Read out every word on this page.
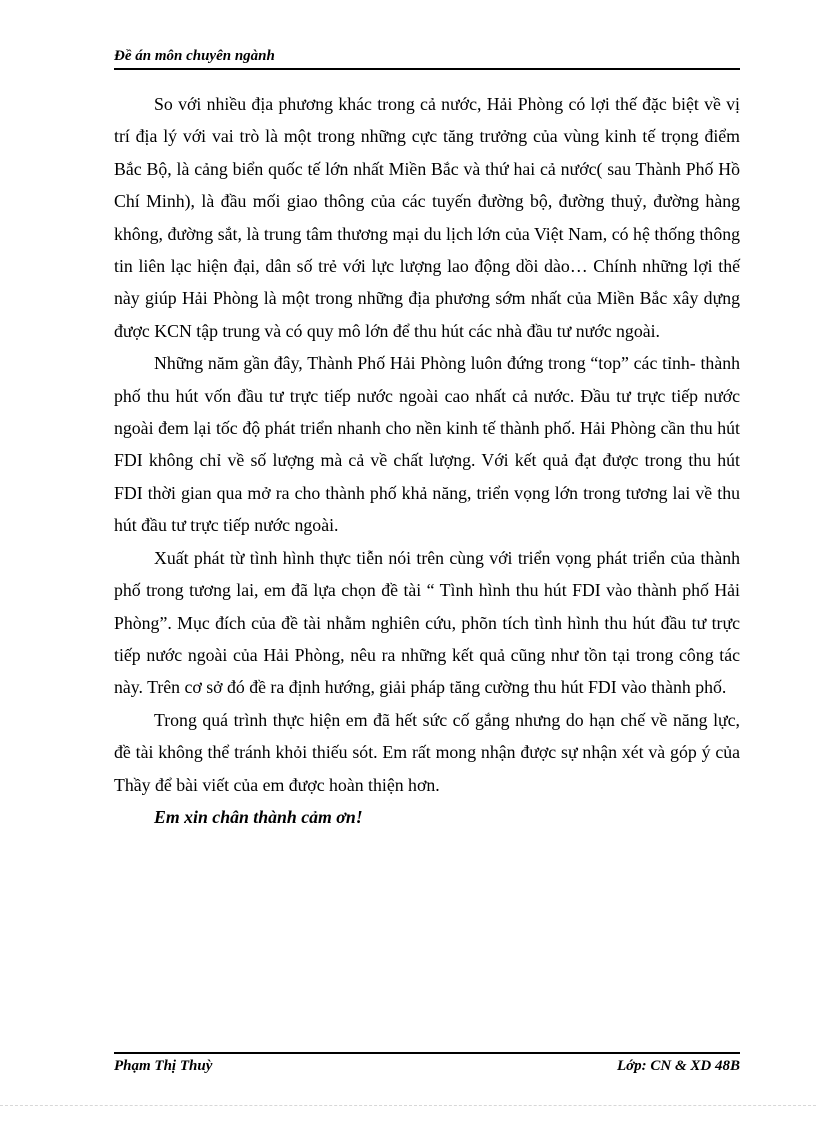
Đề án môn chuyên ngành

So với nhiều địa phương khác trong cả nước, Hải Phòng có lợi thế đặc biệt về vị trí địa lý với vai trò là một trong những cực tăng trưởng của vùng kinh tế trọng điểm Bắc Bộ, là cảng biển quốc tế lớn nhất Miền Bắc và thứ hai cả nước( sau Thành Phố Hồ Chí Minh), là đầu mối giao thông của các tuyến đường bộ, đường thuỷ, đường hàng không, đường sắt, là trung tâm thương mại du lịch lớn của Việt Nam, có hệ thống thông tin liên lạc hiện đại, dân số trẻ với lực lượng lao động dồi dào… Chính những lợi thế này giúp Hải Phòng là một trong những địa phương sớm nhất của Miền Bắc xây dựng được KCN tập trung và có quy mô lớn để thu hút các nhà đầu tư nước ngoài.

Những năm gần đây, Thành Phố Hải Phòng luôn đứng trong “top” các tỉnh- thành phố thu hút vốn đầu tư trực tiếp nước ngoài cao nhất cả nước. Đầu tư trực tiếp nước ngoài đem lại tốc độ phát triển nhanh cho nền kinh tế thành phố. Hải Phòng cần thu hút FDI không chỉ về số lượng mà cả về chất lượng. Với kết quả đạt được trong thu hút FDI thời gian qua mở ra cho thành phố khả năng, triển vọng lớn trong tương lai về thu hút đầu tư trực tiếp nước ngoài.

Xuất phát từ tình hình thực tiễn nói trên cùng với triển vọng phát triển của thành phố trong tương lai, em đã lựa chọn đề tài “ Tình hình thu hút FDI vào thành phố Hải Phòng”. Mục đích của đề tài nhằm nghiên cứu, phõn tích tình hình thu hút đầu tư trực tiếp nước ngoài của Hải Phòng, nêu ra những kết quả cũng như tồn tại trong công tác này. Trên cơ sở đó đề ra định hướng, giải pháp tăng cường thu hút FDI vào thành phố.

Trong quá trình thực hiện em đã hết sức cố gắng nhưng do hạn chế về năng lực, đề tài không thể tránh khỏi thiếu sót. Em rất mong nhận được sự nhận xét và góp ý của Thầy để bài viết của em được hoàn thiện hơn.

Em xin chân thành cảm ơn!

Phạm Thị Thuỳ	Lớp: CN & XD 48B
